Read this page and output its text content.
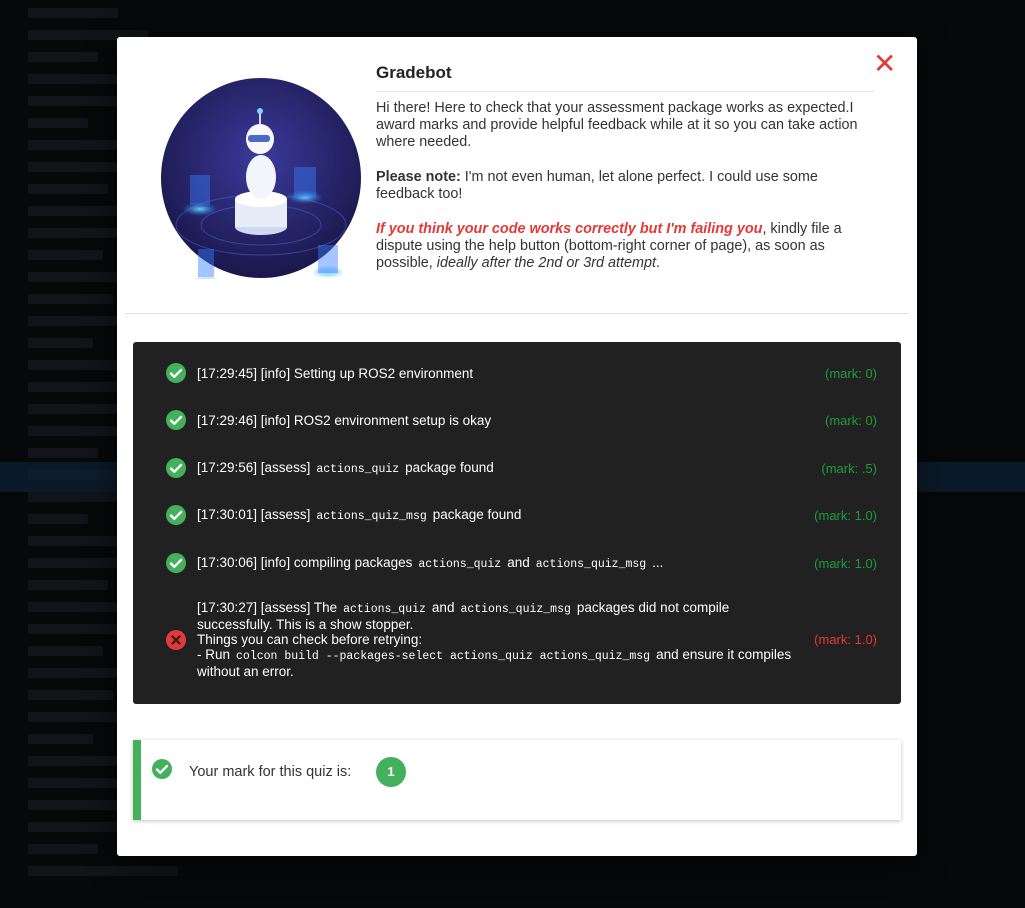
✕
Gradebot

Hi there! Here to check that your assessment package works as expected.I award marks and provide helpful feedback while at it so you can take action where needed.

Please note: I'm not even human, let alone perfect. I could use some feedback too!

If you think your code works correctly but I'm failing you, kindly file a dispute using the help button (bottom-right corner of page), as soon as possible, ideally after the 2nd or 3rd attempt.

[17:29:45] [info] Setting up ROS2 environment	(mark: 0)
[17:29:46] [info] ROS2 environment setup is okay	(mark: 0)
[17:29:56] [assess] actions_quiz package found	(mark: .5)
[17:30:01] [assess] actions_quiz_msg package found	(mark: 1.0)
[17:30:06] [info] compiling packages actions_quiz and actions_quiz_msg ...	(mark: 1.0)
[17:30:27] [assess] The actions_quiz and actions_quiz_msg packages did not compile successfully. This is a show stopper.
Things you can check before retrying:
- Run colcon build --packages-select actions_quiz actions_quiz_msg and ensure it compiles without an error.
(mark: 1.0)
Your mark for this quiz is:	1
